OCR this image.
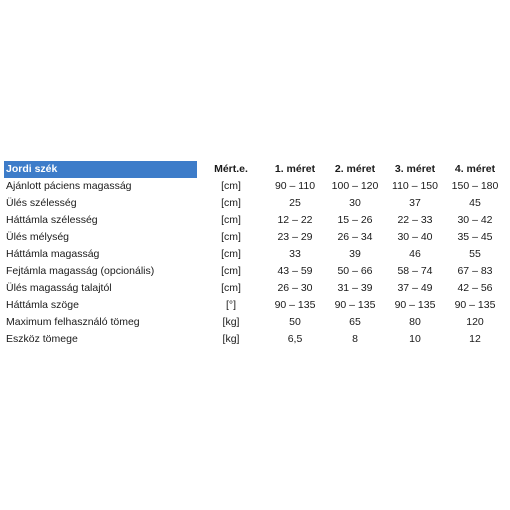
Jordi szék	Mért.e.	1. méret	2. méret	3. méret	4. méret
Ajánlott páciens magasság	[cm]	90 – 110	100 – 120	110 – 150	150 – 180
Ülés szélesség	[cm]	25	30	37	45
Háttámla szélesség	[cm]	12 – 22	15 – 26	22 – 33	30 – 42
Ülés mélység	[cm]	23 – 29	26 – 34	30 – 40	35 – 45
Háttámla magasság	[cm]	33	39	46	55
Fejtámla magasság (opcionális)	[cm]	43 – 59	50 – 66	58 – 74	67 – 83
Ülés magasság talajtól	[cm]	26 – 30	31 – 39	37 – 49	42 – 56
Háttámla szöge	[°]	90 – 135	90 – 135	90 – 135	90 – 135
Maximum felhasználó tömeg	[kg]	50	65	80	120
Eszköz tömege	[kg]	6,5	8	10	12
